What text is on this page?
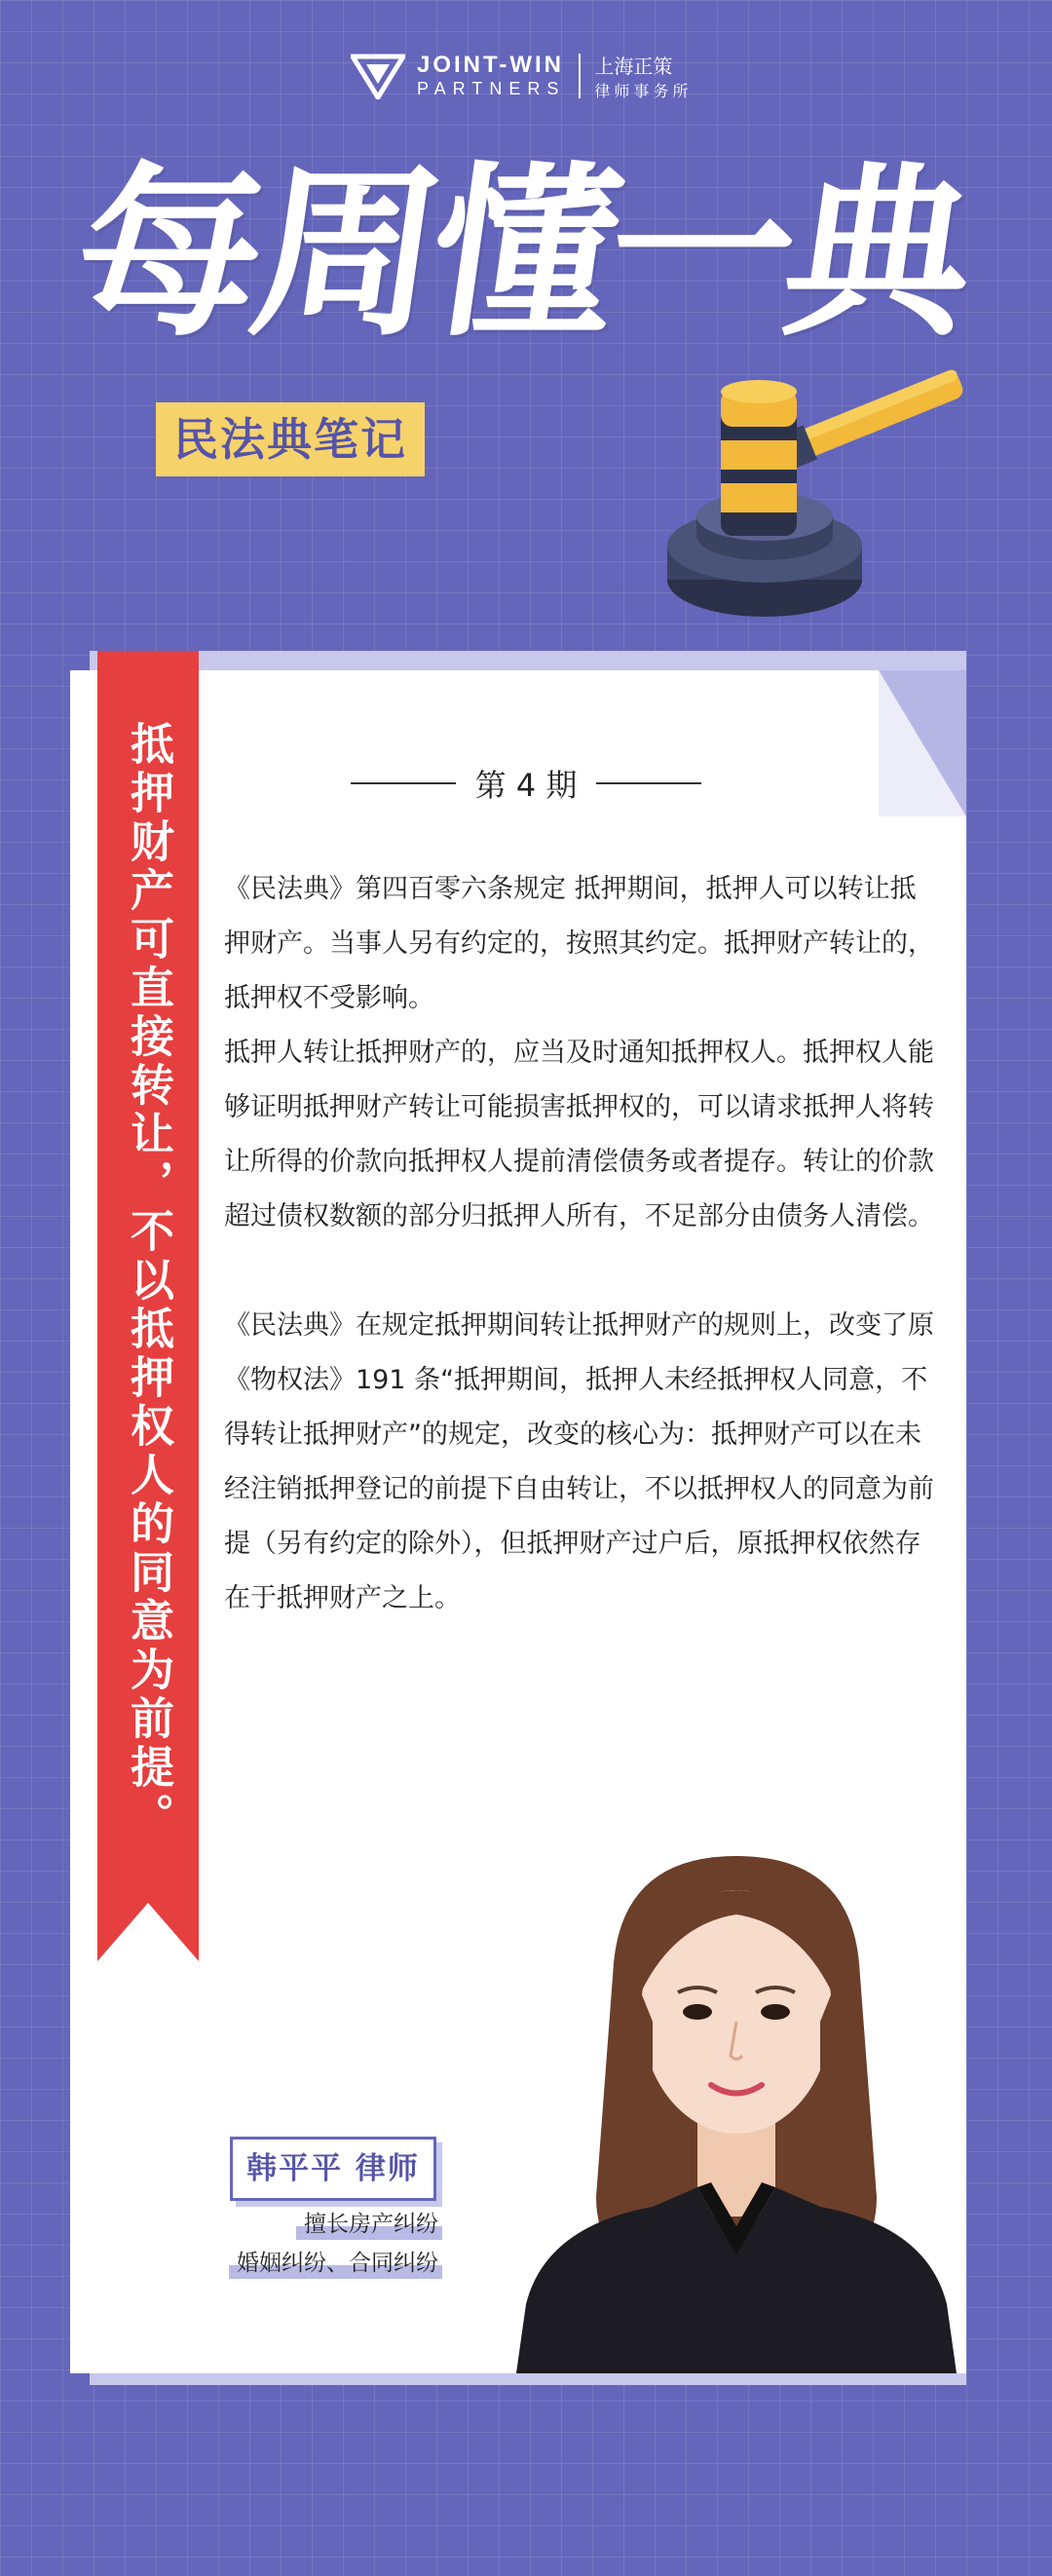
JOINT-WIN
PARTNERS
上海正策
律师事务所
每周懂一典
民法典笔记
抵押财产可直接转让，不以抵押权人的同意为前提。	第 4 期

《民法典》第四百零六条规定 抵押期间，抵押人可以转让抵押财产。当事人另有约定的，按照其约定。抵押财产转让的，抵押权不受影响。

抵押人转让抵押财产的，应当及时通知抵押权人。抵押权人能够证明抵押财产转让可能损害抵押权的，可以请求抵押人将转让所得的价款向抵押权人提前清偿债务或者提存。转让的价款超过债权数额的部分归抵押人所有，不足部分由债务人清偿。

《民法典》在规定抵押期间转让抵押财产的规则上，改变了原《物权法》191 条“抵押期间，抵押人未经抵押权人同意，不得转让抵押财产”的规定，改变的核心为：抵押财产可以在未经注销抵押登记的前提下自由转让，不以抵押权人的同意为前提（另有约定的除外），但抵押财产过户后，原抵押权依然存在于抵押财产之上。

韩平平 律师
擅长房产纠纷
婚姻纠纷、合同纠纷
